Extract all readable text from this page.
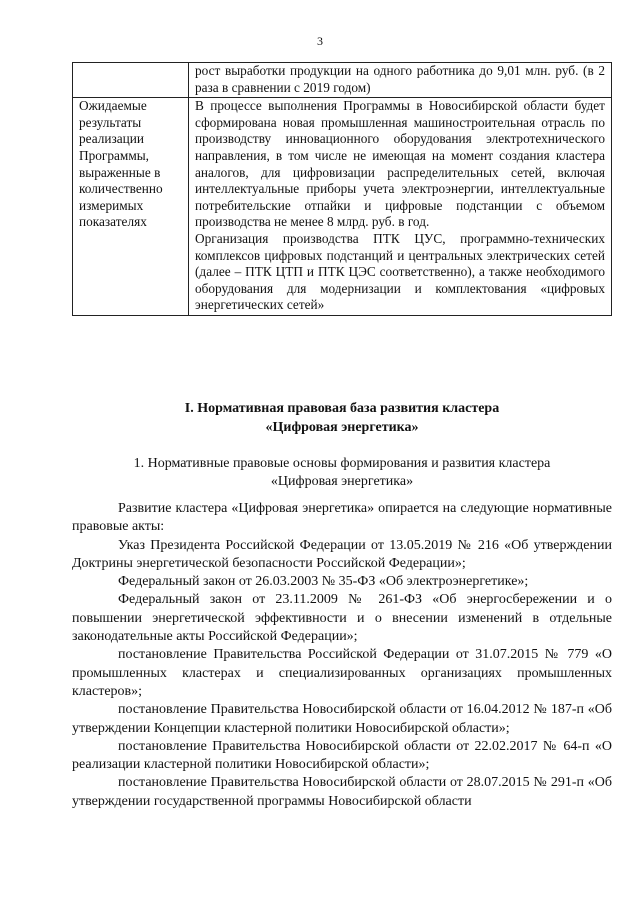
3

	рост выработки продукции на одного работника до 9,01 млн. руб. (в 2 раза в сравнении с 2019 годом)

Ожидаемые результаты реализации Программы, выраженные в количественно измеримых показателях	В процессе выполнения Программы в Новосибирской области будет сформирована новая промышленная машиностроительная отрасль по производству инновационного оборудования электротехнического направления, в том числе не имеющая на момент создания кластера аналогов, для цифровизации распределительных сетей, включая интеллектуальные приборы учета электроэнергии, интеллектуальные потребительские отпайки и цифровые подстанции с объемом производства не менее 8 млрд. руб. в год.

Организация производства ПТК ЦУС, программно-технических комплексов цифровых подстанций и центральных электрических сетей (далее – ПТК ЦТП и ПТК ЦЭС соответственно), а также необходимого оборудования для модернизации и комплектования «цифровых энергетических сетей»

I. Нормативная правовая база развития кластера
«Цифровая энергетика»
1. Нормативные правовые основы формирования и развития кластера
«Цифровая энергетика»

Развитие кластера «Цифровая энергетика» опирается на следующие нормативные правовые акты:

Указ Президента Российской Федерации от 13.05.2019 № 216 «Об утверждении Доктрины энергетической безопасности Российской Федерации»;

Федеральный закон от 26.03.2003 № 35-ФЗ «Об электроэнергетике»;

Федеральный закон от 23.11.2009 № 261-ФЗ «Об энергосбережении и о повышении энергетической эффективности и о внесении изменений в отдельные законодательные акты Российской Федерации»;

постановление Правительства Российской Федерации от 31.07.2015 № 779 «О промышленных кластерах и специализированных организациях промышленных кластеров»;

постановление Правительства Новосибирской области от 16.04.2012 № 187-п «Об утверждении Концепции кластерной политики Новосибирской области»;

постановление Правительства Новосибирской области от 22.02.2017 № 64-п «О реализации кластерной политики Новосибирской области»;

постановление Правительства Новосибирской области от 28.07.2015 № 291-п «Об утверждении государственной программы Новосибирской области
